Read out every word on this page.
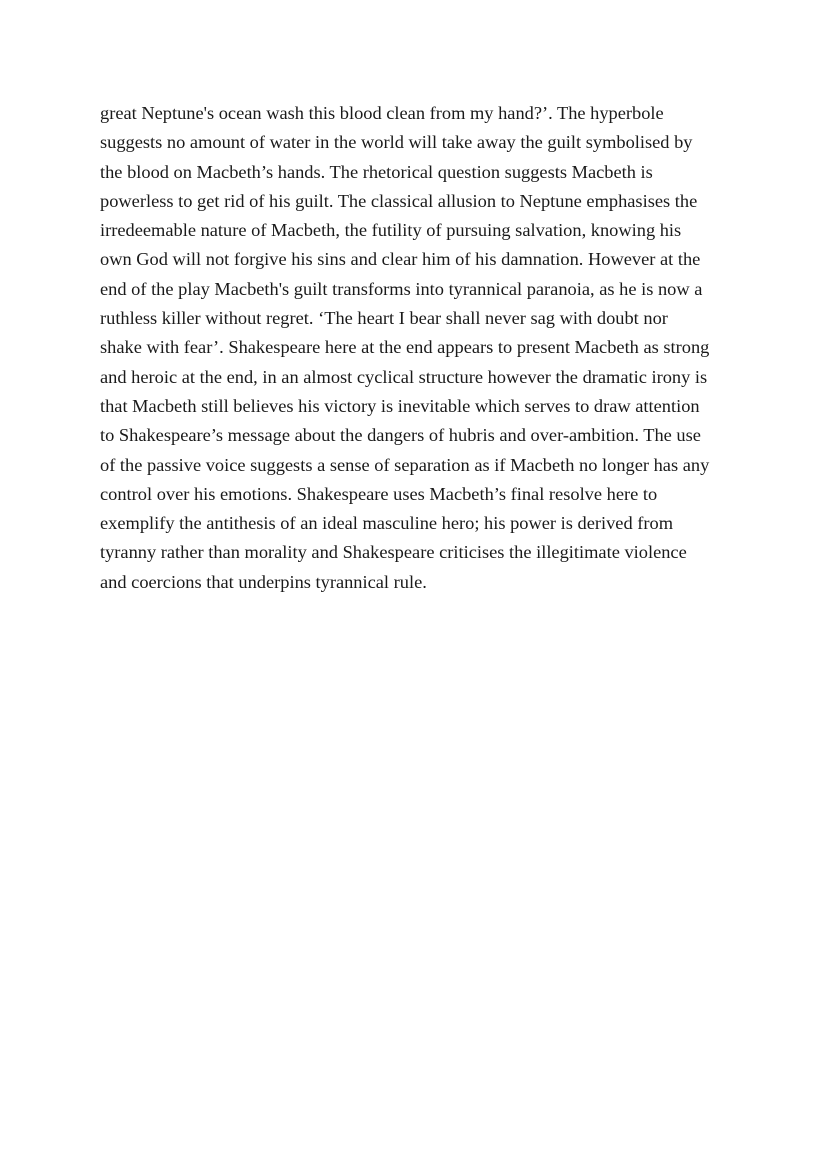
great Neptune's ocean wash this blood clean from my hand?’. The hyperbole
suggests no amount of water in the world will take away the guilt symbolised by
the blood on Macbeth’s hands. The rhetorical question suggests Macbeth is
powerless to get rid of his guilt. The classical allusion to Neptune emphasises the
irredeemable nature of Macbeth, the futility of pursuing salvation, knowing his
own God will not forgive his sins and clear him of his damnation. However at the
end of the play Macbeth's guilt transforms into tyrannical paranoia, as he is now a
ruthless killer without regret. ‘The heart I bear shall never sag with doubt nor
shake with fear’. Shakespeare here at the end appears to present Macbeth as strong
and heroic at the end, in an almost cyclical structure however the dramatic irony is
that Macbeth still believes his victory is inevitable which serves to draw attention
to Shakespeare’s message about the dangers of hubris and over-ambition. The use
of the passive voice suggests a sense of separation as if Macbeth no longer has any
control over his emotions. Shakespeare uses Macbeth’s final resolve here to
exemplify the antithesis of an ideal masculine hero; his power is derived from
tyranny rather than morality and Shakespeare criticises the illegitimate violence
and coercions that underpins tyrannical rule.
